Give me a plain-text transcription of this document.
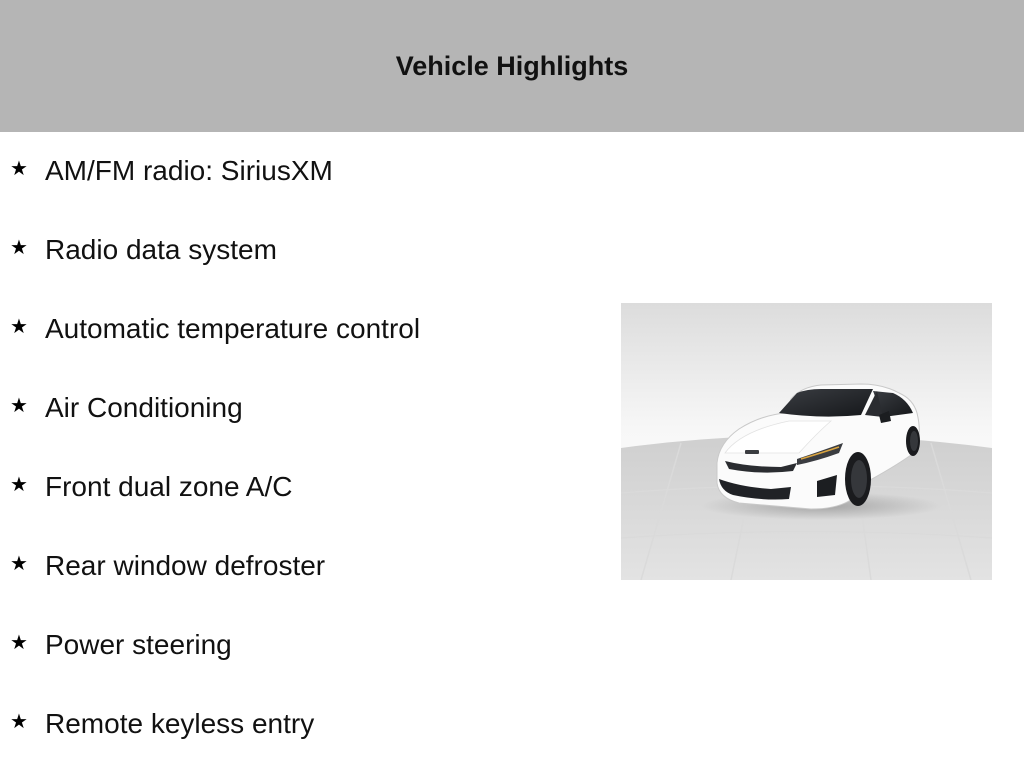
Vehicle Highlights
★ AM/FM radio: SiriusXM
★ Radio data system
★ Automatic temperature control
★ Air Conditioning
★ Front dual zone A/C
★ Rear window defroster
★ Power steering
★ Remote keyless entry
